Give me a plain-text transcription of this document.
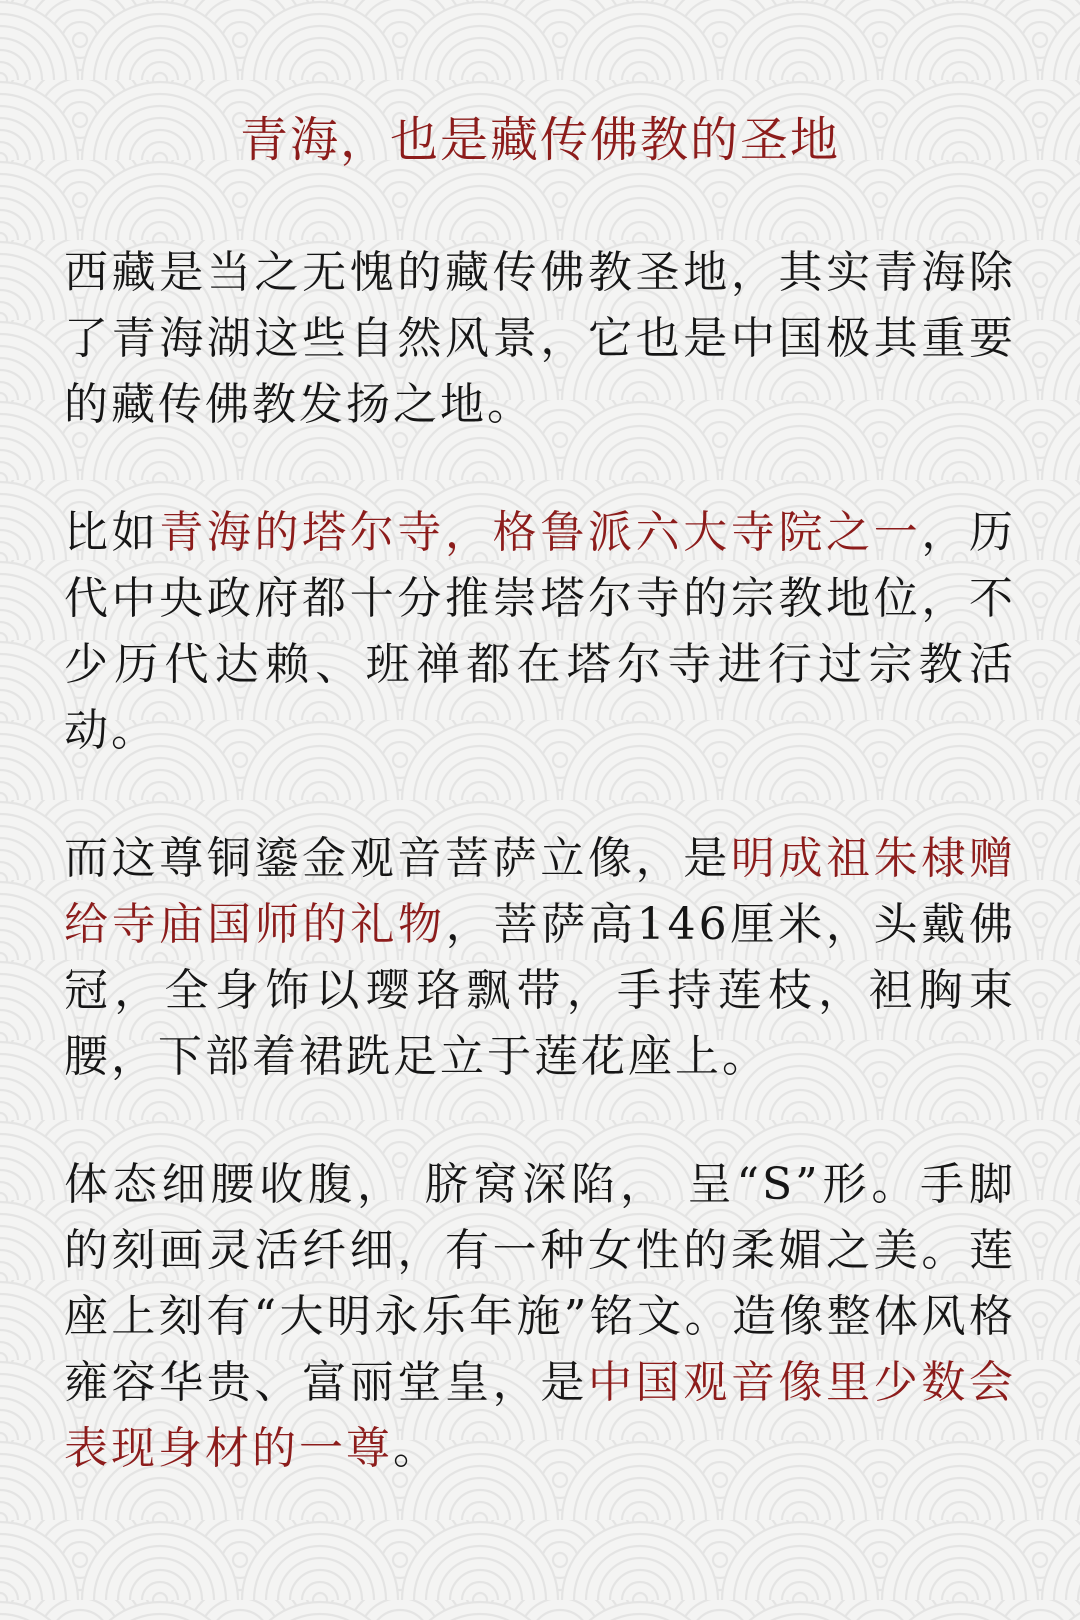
青海，也是藏传佛教的圣地
西藏是当之无愧的藏传佛教圣地，其实青海除了青海湖这些自然风景，它也是中国极其重要的藏传佛教发扬之地。
比如青海的塔尔寺，格鲁派六大寺院之一，历代中央政府都十分推崇塔尔寺的宗教地位，不少历代达赖、班禅都在塔尔寺进行过宗教活动。
而这尊铜鎏金观音菩萨立像，是明成祖朱棣赠给寺庙国师的礼物，菩萨高146厘米，头戴佛冠，全身饰以璎珞飘带，手持莲枝，袒胸束腰，下部着裙跣足立于莲花座上。
体态细腰收腹， 脐窝深陷， 呈“S”形。手脚的刻画灵活纤细，有一种女性的柔媚之美。莲座上刻有“大明永乐年施”铭文。造像整体风格雍容华贵、富丽堂皇，是中国观音像里少数会表现身材的一尊。
